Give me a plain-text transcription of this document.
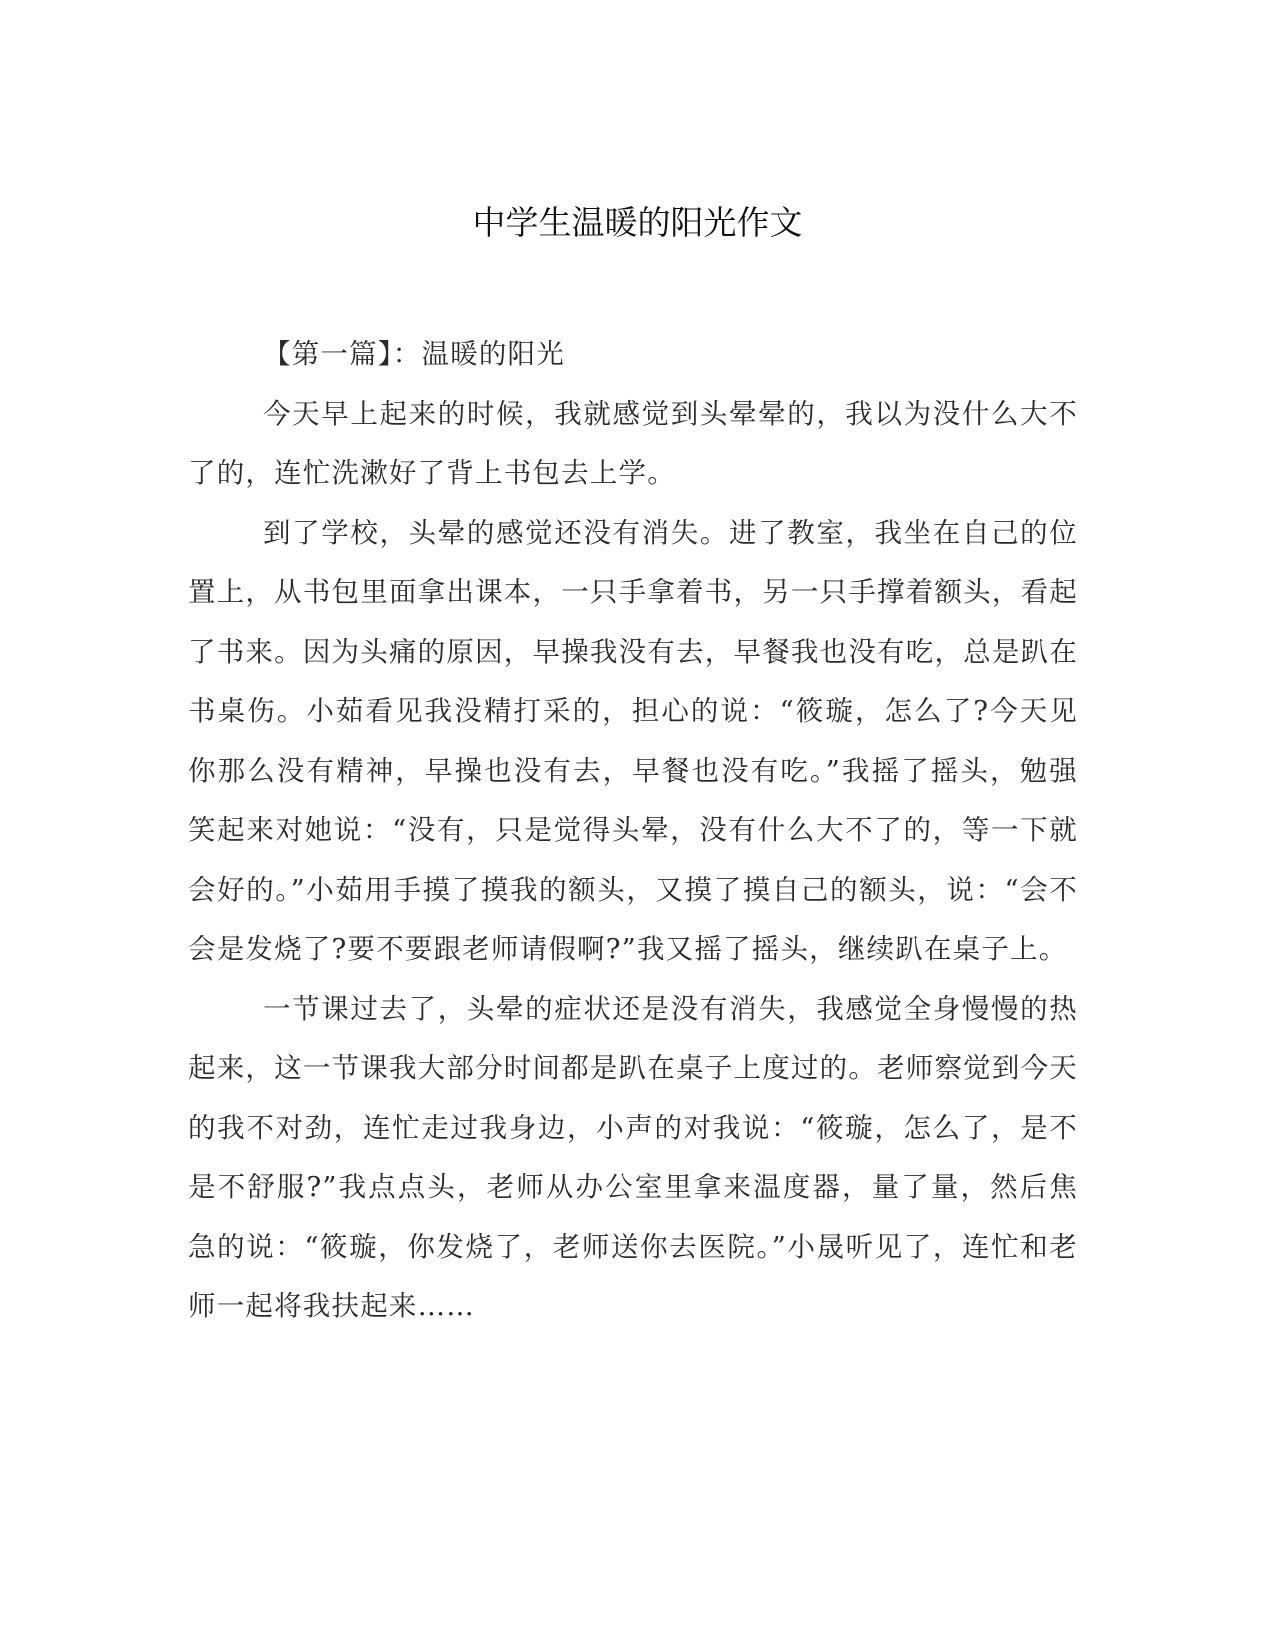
中学生温暖的阳光作文

【第一篇】：温暖的阳光

今天早上起来的时候，我就感觉到头晕晕的，我以为没什么大不了的，连忙洗漱好了背上书包去上学。

到了学校，头晕的感觉还没有消失。进了教室，我坐在自己的位置上，从书包里面拿出课本，一只手拿着书，另一只手撑着额头，看起了书来。因为头痛的原因，早操我没有去，早餐我也没有吃，总是趴在书桌伤。小茹看见我没精打采的，担心的说：“筱璇，怎么了?今天见你那么没有精神，早操也没有去，早餐也没有吃。”我摇了摇头，勉强笑起来对她说：“没有，只是觉得头晕，没有什么大不了的，等一下就会好的。”小茹用手摸了摸我的额头，又摸了摸自己的额头，说：“会不会是发烧了?要不要跟老师请假啊?”我又摇了摇头，继续趴在桌子上。

一节课过去了，头晕的症状还是没有消失，我感觉全身慢慢的热起来，这一节课我大部分时间都是趴在桌子上度过的。老师察觉到今天的我不对劲，连忙走过我身边，小声的对我说：“筱璇，怎么了，是不是不舒服?”我点点头，老师从办公室里拿来温度器，量了量，然后焦急的说：“筱璇，你发烧了，老师送你去医院。”小晟听见了，连忙和老师一起将我扶起来……
